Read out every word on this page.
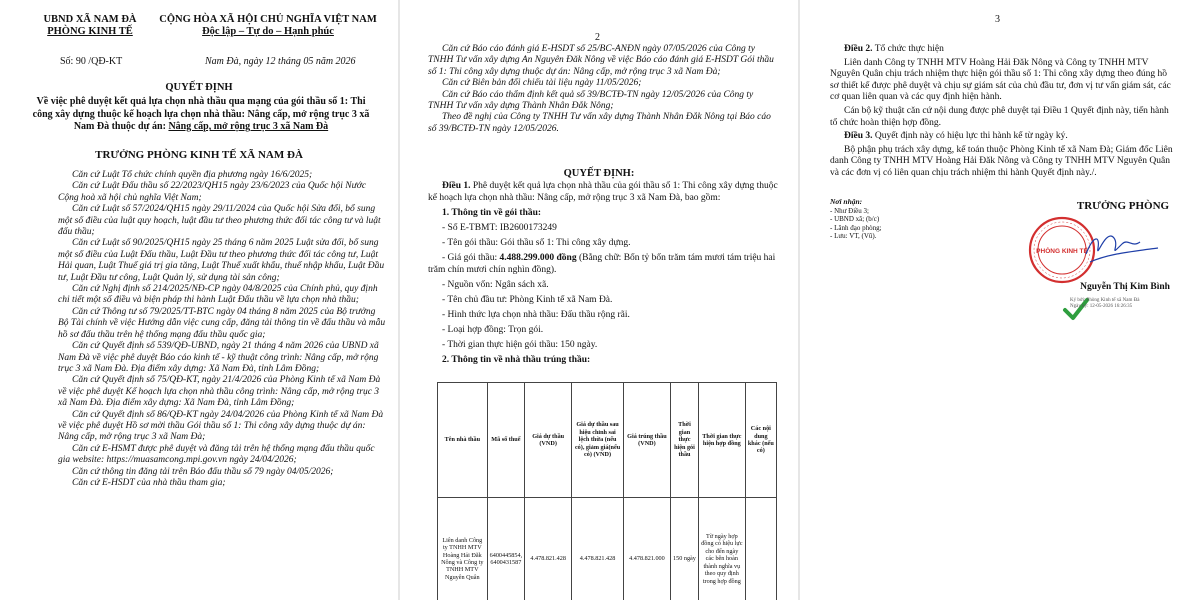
UBND XÃ NAM ĐÀ
PHÒNG KINH TẾ
CỘNG HÒA XÃ HỘI CHỦ NGHĨA VIỆT NAM
Độc lập – Tự do – Hạnh phúc
Số: 90 /QĐ-KT	Nam Đà, ngày 12 tháng 05 năm 2026
QUYẾT ĐỊNH
Về việc phê duyệt kết quả lựa chọn nhà thầu qua mạng của gói thầu số 1: Thi
công xây dựng thuộc kế hoạch lựa chọn nhà thầu: Nâng cấp, mở rộng trục 3 xã
Nam Đà thuộc dự án: Nâng cấp, mở rộng trục 3 xã Nam Đà
TRƯỞNG PHÒNG KINH TẾ XÃ NAM ĐÀ

Căn cứ Luật Tổ chức chính quyền địa phương ngày 16/6/2025;

Căn cứ Luật Đấu thầu số 22/2023/QH15 ngày 23/6/2023 của Quốc hội Nước Cộng hoà xã hội chủ nghĩa Việt Nam;

Căn cứ Luật số 57/2024/QH15 ngày 29/11/2024 của Quốc hội Sửa đổi, bổ sung một số điều của luật quy hoạch, luật đầu tư theo phương thức đối tác công tư và luật đấu thầu;

Căn cứ Luật số 90/2025/QH15 ngày 25 tháng 6 năm 2025 Luật sửa đổi, bổ sung một số điều của Luật Đấu thầu, Luật Đầu tư theo phương thức đối tác công tư, Luật Hải quan, Luật Thuế giá trị gia tăng, Luật Thuế xuất khẩu, thuế nhập khẩu, Luật Đầu tư, Luật Đầu tư công, Luật Quản lý, sử dụng tài sản công;

Căn cứ Nghị định số 214/2025/NĐ-CP ngày 04/8/2025 của Chính phủ, quy định chi tiết một số điều và biện pháp thi hành Luật Đấu thầu về lựa chọn nhà thầu;

Căn cứ Thông tư số 79/2025/TT-BTC ngày 04 tháng 8 năm 2025 của Bộ trưởng Bộ Tài chính về việc Hướng dẫn việc cung cấp, đăng tải thông tin về đấu thầu và mẫu hồ sơ đấu thầu trên hệ thống mạng đấu thầu quốc gia;

Căn cứ Quyết định số 539/QĐ-UBND, ngày 21 tháng 4 năm 2026 của UBND xã Nam Đà về việc phê duyệt Báo cáo kinh tế - kỹ thuật công trình: Nâng cấp, mở rộng trục 3 xã Nam Đà. Địa điểm xây dựng: Xã Nam Đà, tỉnh Lâm Đồng;

Căn cứ Quyết định số 75/QĐ-KT, ngày 21/4/2026 của Phòng Kinh tế xã Nam Đà về việc phê duyệt Kế hoạch lựa chọn nhà thầu công trình: Nâng cấp, mở rộng trục 3 xã Nam Đà. Địa điểm xây dựng: Xã Nam Đà, tỉnh Lâm Đồng;

Căn cứ Quyết định số 86/QĐ-KT ngày 24/04/2026 của Phòng Kinh tế xã Nam Đà về việc phê duyệt Hồ sơ mời thầu Gói thầu số 1: Thi công xây dựng thuộc dự án: Nâng cấp, mở rộng trục 3 xã Nam Đà;

Căn cứ E-HSMT được phê duyệt và đăng tải trên hệ thống mạng đấu thầu quốc gia website: https://muasamcong.mpi.gov.vn ngày 24/04/2026;

Căn cứ thông tin đăng tải trên Báo đấu thầu số 79 ngày 04/05/2026;

Căn cứ E-HSDT của nhà thầu tham gia;

2

Căn cứ Báo cáo đánh giá E-HSDT số 25/BC-ANĐN ngày 07/05/2026 của Công ty TNHH Tư vấn xây dựng An Nguyên Đăk Nông về việc Báo cáo đánh giá E-HSDT Gói thầu số 1: Thi công xây dựng thuộc dự án: Nâng cấp, mở rộng trục 3 xã Nam Đà;

Căn cứ Biên bản đối chiếu tài liệu ngày 11/05/2026;

Căn cứ Báo cáo thẩm định kết quả số 39/BCTĐ-TN ngày 12/05/2026 của Công ty TNHH Tư vấn xây dựng Thành Nhân Đắk Nông;

Theo đề nghị của Công ty TNHH Tư vấn xây dựng Thành Nhân Đắk Nông tại Báo cáo số 39/BCTĐ-TN ngày 12/05/2026.

QUYẾT ĐỊNH:

Điều 1. Phê duyệt kết quả lựa chọn nhà thầu của gói thầu số 1: Thi công xây dựng thuộc kế hoạch lựa chọn nhà thầu: Nâng cấp, mở rộng trục 3 xã Nam Đà, bao gồm:

1. Thông tin về gói thầu:

- Số E-TBMT: IB2600173249

- Tên gói thầu: Gói thầu số 1: Thi công xây dựng.

- Giá gói thầu: 4.488.299.000 đồng (Bằng chữ: Bốn tỷ bốn trăm tám mươi tám triệu hai trăm chín mươi chín nghìn đồng).

- Nguồn vốn: Ngân sách xã.

- Tên chủ đầu tư: Phòng Kinh tế xã Nam Đà.

- Hình thức lựa chọn nhà thầu: Đấu thầu rộng rãi.

- Loại hợp đồng: Trọn gói.

- Thời gian thực hiện gói thầu: 150 ngày.

2. Thông tin về nhà thầu trúng thầu:

Tên nhà thầu	Mã số thuế	Giá dự thầu (VND)	Giá dự thầu sau hiệu chỉnh sai lệch thừa (nếu có), giảm giá(nếu có) (VND)	Giá trúng thầu (VND)	Thời gian thực hiện gói thầu	Thời gian thực hiện hợp đồng	Các nội dung khác (nếu có)
Liên danh Công ty TNHH MTV Hoàng Hải Đăk Nông và Công ty TNHH MTV Nguyên Quân	6400445854, 6400431587	4.478.821.428	4.478.821.428	4.478.821.000	150 ngày	Từ ngày hợp đồng có hiệu lực cho đến ngày các bên hoàn thành nghĩa vụ theo quy định trong hợp đồng	
3

Điều 2. Tổ chức thực hiện

Liên danh Công ty TNHH MTV Hoàng Hải Đăk Nông và Công ty TNHH MTV Nguyên Quân chịu trách nhiệm thực hiện gói thầu số 1: Thi công xây dựng theo đúng hồ sơ thiết kế được phê duyệt và chịu sự giám sát của chủ đầu tư, đơn vị tư vấn giám sát, các cơ quan liên quan và các quy định hiện hành.

Cán bộ kỹ thuật căn cứ nội dung được phê duyệt tại Điều 1 Quyết định này, tiến hành tổ chức hoàn thiện hợp đồng.

Điều 3. Quyết định này có hiệu lực thi hành kể từ ngày ký.

Bộ phận phụ trách xây dựng, kế toán thuộc Phòng Kinh tế xã Nam Đà; Giám đốc Liên danh Công ty TNHH MTV Hoàng Hải Đăk Nông và Công ty TNHH MTV Nguyên Quân và các đơn vị có liên quan chịu trách nhiệm thi hành Quyết định này./.

Nơi nhận:
- Như Điều 3;
- UBND xã; (b/c)
- Lãnh đạo phòng;
- Lưu: VT, (Vũ).
TRƯỞNG PHÒNG
PHÒNG KINH TẾ
Nguyễn Thị Kim Bình
Ký bởi: Phòng Kinh tế xã Nam Đà
Ngày ký: 12-05-2026 16:26:35
